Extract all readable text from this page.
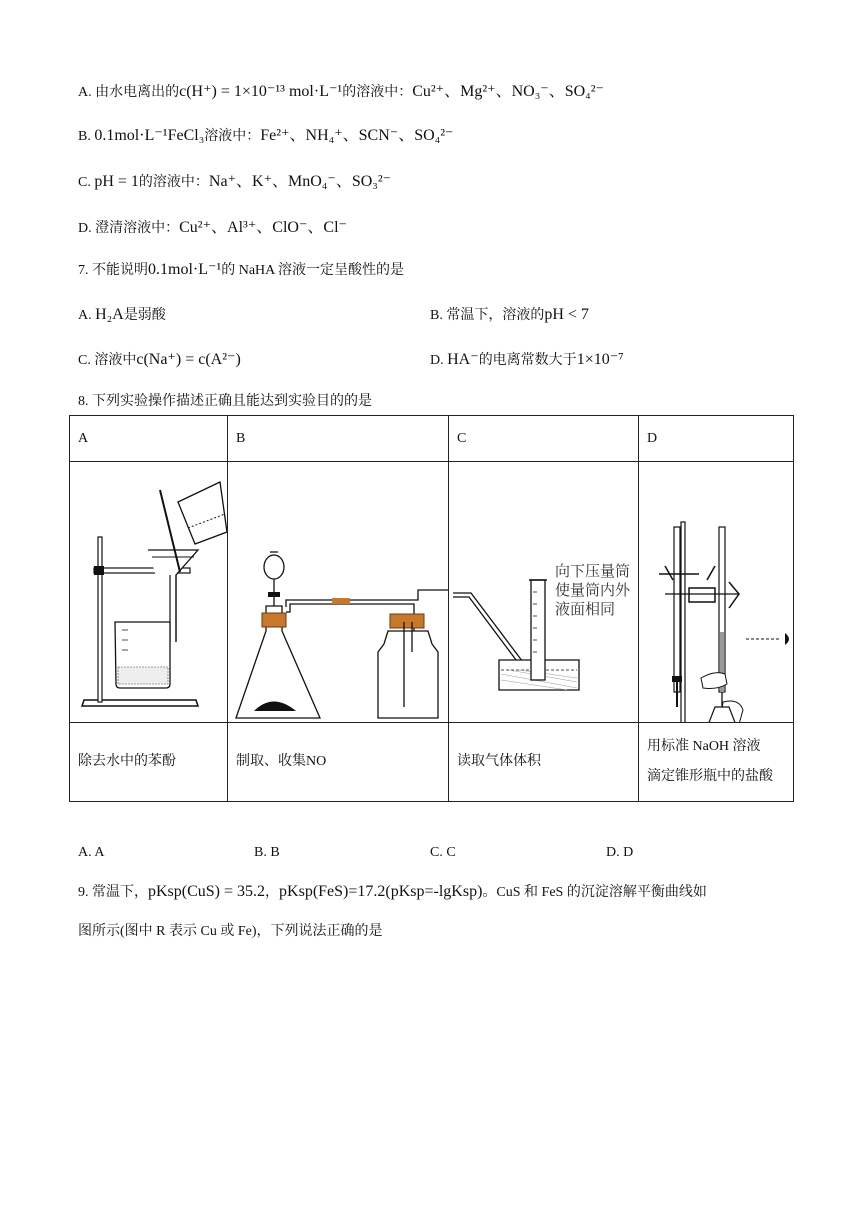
A. 由水电离出的c(H⁺) = 1×10⁻¹³ mol·L⁻¹的溶液中：Cu²⁺、Mg²⁺、NO₃⁻、SO₄²⁻
B. 0.1mol·L⁻¹FeCl₃溶液中：Fe²⁺、NH₄⁺、SCN⁻、SO₄²⁻
C. pH = 1的溶液中：Na⁺、K⁺、MnO₄⁻、SO₃²⁻
D. 澄清溶液中：Cu²⁺、Al³⁺、ClO⁻、Cl⁻
7. 不能说明0.1mol·L⁻¹的 NaHA 溶液一定呈酸性的是
A. H₂A是弱酸	B. 常温下，溶液的pH < 7
C. 溶液中c(Na⁺) = c(A²⁻)	D. HA⁻的电离常数大于1×10⁻⁷
8. 下列实验操作描述正确且能达到实验目的的是
A	B	C	D

向下压量筒
使量筒内外
液面相同

除去水中的苯酚	制取、收集NO	读取气体体积	用标准 NaOH 溶液
滴定锥形瓶中的盐酸
A. A	B. B	C. C	D. D
9. 常温下，pKsp(CuS) = 35.2，pKsp(FeS)=17.2(pKsp=-lgKsp)。CuS 和 FeS 的沉淀溶解平衡曲线如
图所示(图中 R 表示 Cu 或 Fe)，下列说法正确的是
